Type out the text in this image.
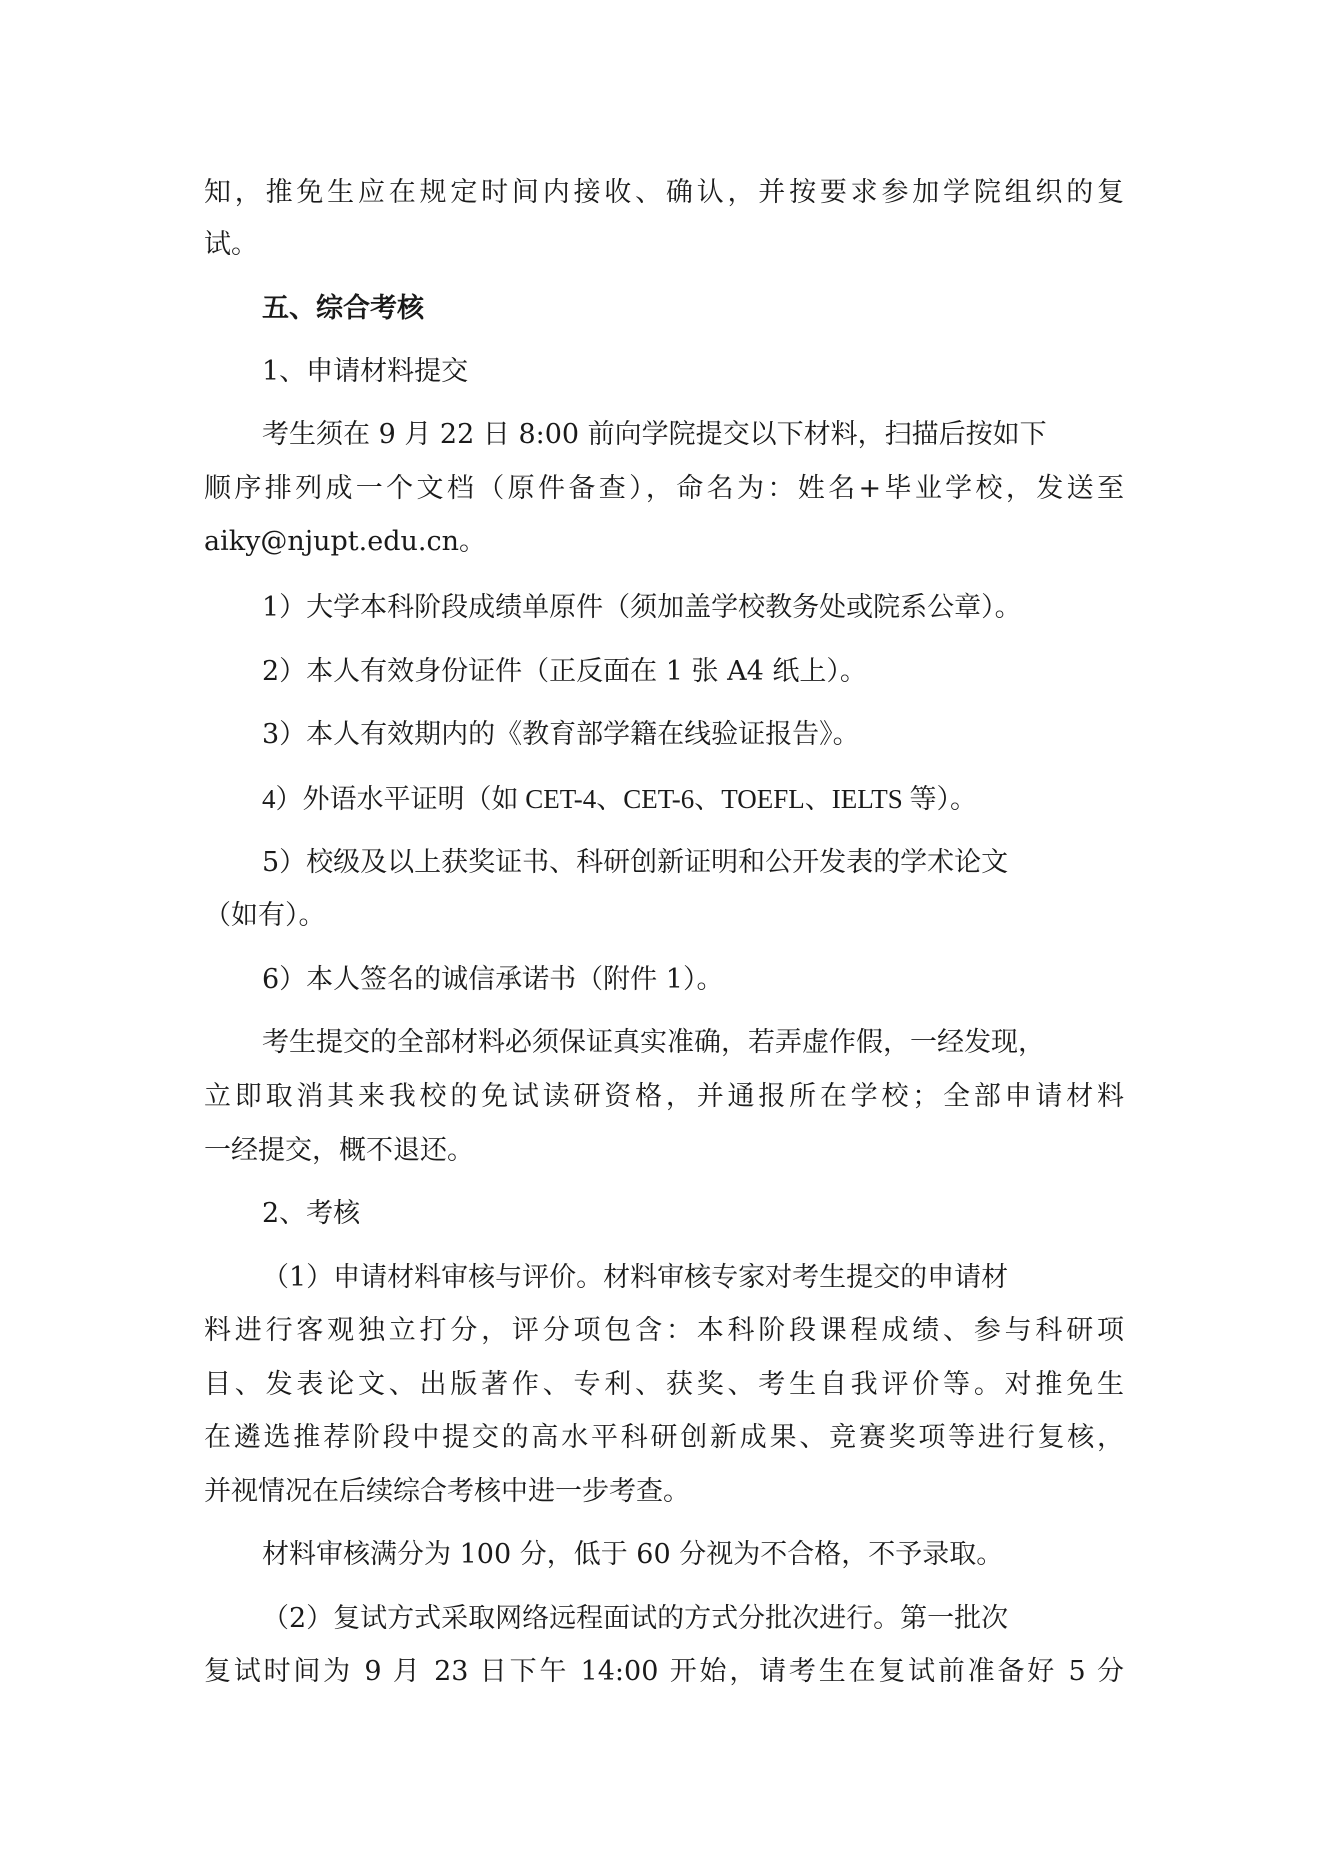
知，推免生应在规定时间内接收、确认，并按要求参加学院组织的复
试。
五、综合考核
1、申请材料提交
考生须在 9 月 22 日 8:00 前向学院提交以下材料，扫描后按如下
顺序排列成一个文档（原件备查），命名为：姓名+毕业学校，发送至
aiky@njupt.edu.cn。
1）大学本科阶段成绩单原件（须加盖学校教务处或院系公章）。
2）本人有效身份证件（正反面在 1 张 A4 纸上）。
3）本人有效期内的《教育部学籍在线验证报告》。
4）外语水平证明（如 CET-4、CET-6、TOEFL、IELTS 等）。
5）校级及以上获奖证书、科研创新证明和公开发表的学术论文
（如有）。
6）本人签名的诚信承诺书（附件 1）。
考生提交的全部材料必须保证真实准确，若弄虚作假，一经发现，
立即取消其来我校的免试读研资格，并通报所在学校；全部申请材料
一经提交，概不退还。
2、考核
（1）申请材料审核与评价。材料审核专家对考生提交的申请材
料进行客观独立打分，评分项包含：本科阶段课程成绩、参与科研项
目、发表论文、出版著作、专利、获奖、考生自我评价等。对推免生
在遴选推荐阶段中提交的高水平科研创新成果、竞赛奖项等进行复核，
并视情况在后续综合考核中进一步考查。
材料审核满分为 100 分，低于 60 分视为不合格，不予录取。
（2）复试方式采取网络远程面试的方式分批次进行。第一批次
复试时间为 9 月 23 日下午 14:00 开始，请考生在复试前准备好 5 分
